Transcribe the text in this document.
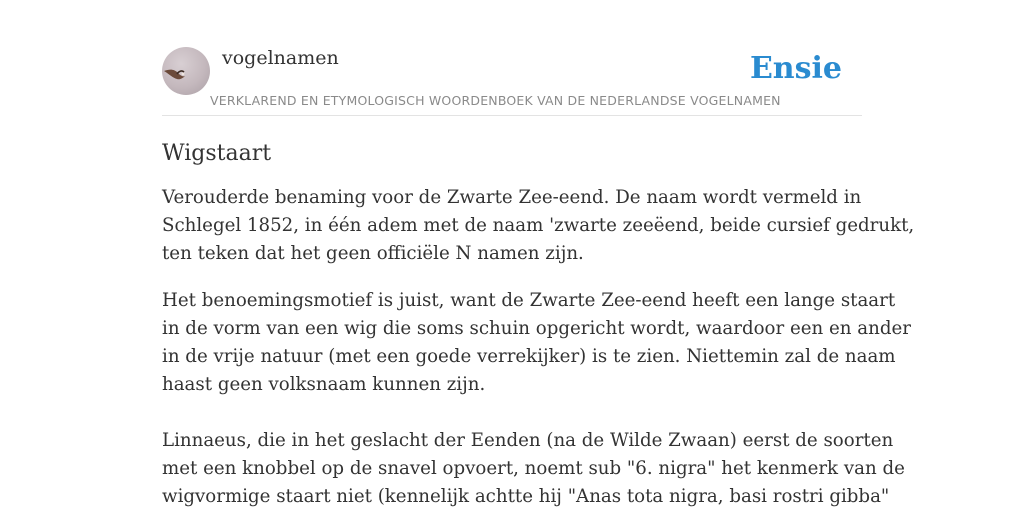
vogelnamen	Ensie
VERKLAREND EN ETYMOLOGISCH WOORDENBOEK VAN DE NEDERLANDSE VOGELNAMEN
Wigstaart

Verouderde benaming voor de Zwarte Zee-eend. De naam wordt vermeld in

Schlegel 1852, in één adem met de naam 'zwarte zeeëend, beide cursief gedrukt,

ten teken dat het geen officiële N namen zijn.

Het benoemingsmotief is juist, want de Zwarte Zee-eend heeft een lange staart

in de vorm van een wig die soms schuin opgericht wordt, waardoor een en ander

in de vrije natuur (met een goede verrekijker) is te zien. Niettemin zal de naam

haast geen volksnaam kunnen zijn.

Linnaeus, die in het geslacht der Eenden (na de Wilde Zwaan) eerst de soorten

met een knobbel op de snavel opvoert, noemt sub "6. nigra" het kenmerk van de

wigvormige staart niet (kennelijk achtte hij "Anas tota nigra, basi rostri gibba"
